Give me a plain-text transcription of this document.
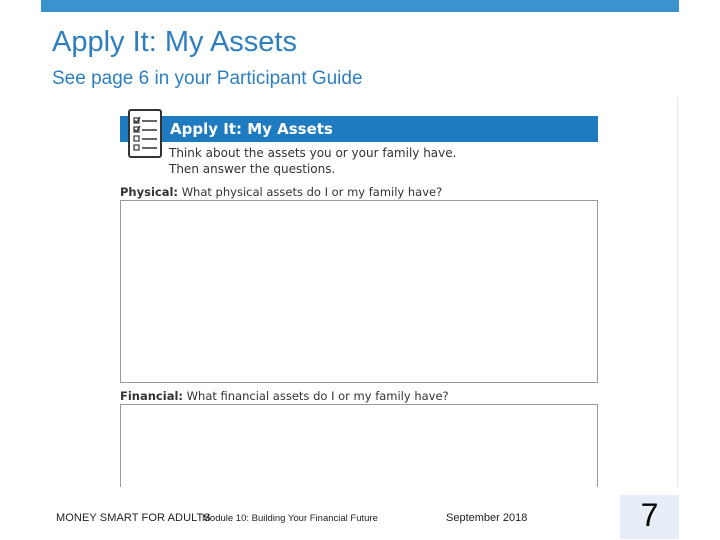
Apply It: My Assets
See page 6 in your Participant Guide
Apply It: My Assets
Think about the assets you or your family have.
Then answer the questions.
Physical: What physical assets do I or my family have?
Financial: What financial assets do I or my family have?
MONEY SMART FOR ADULTS
Module 10: Building Your Financial Future	September 2018	7
